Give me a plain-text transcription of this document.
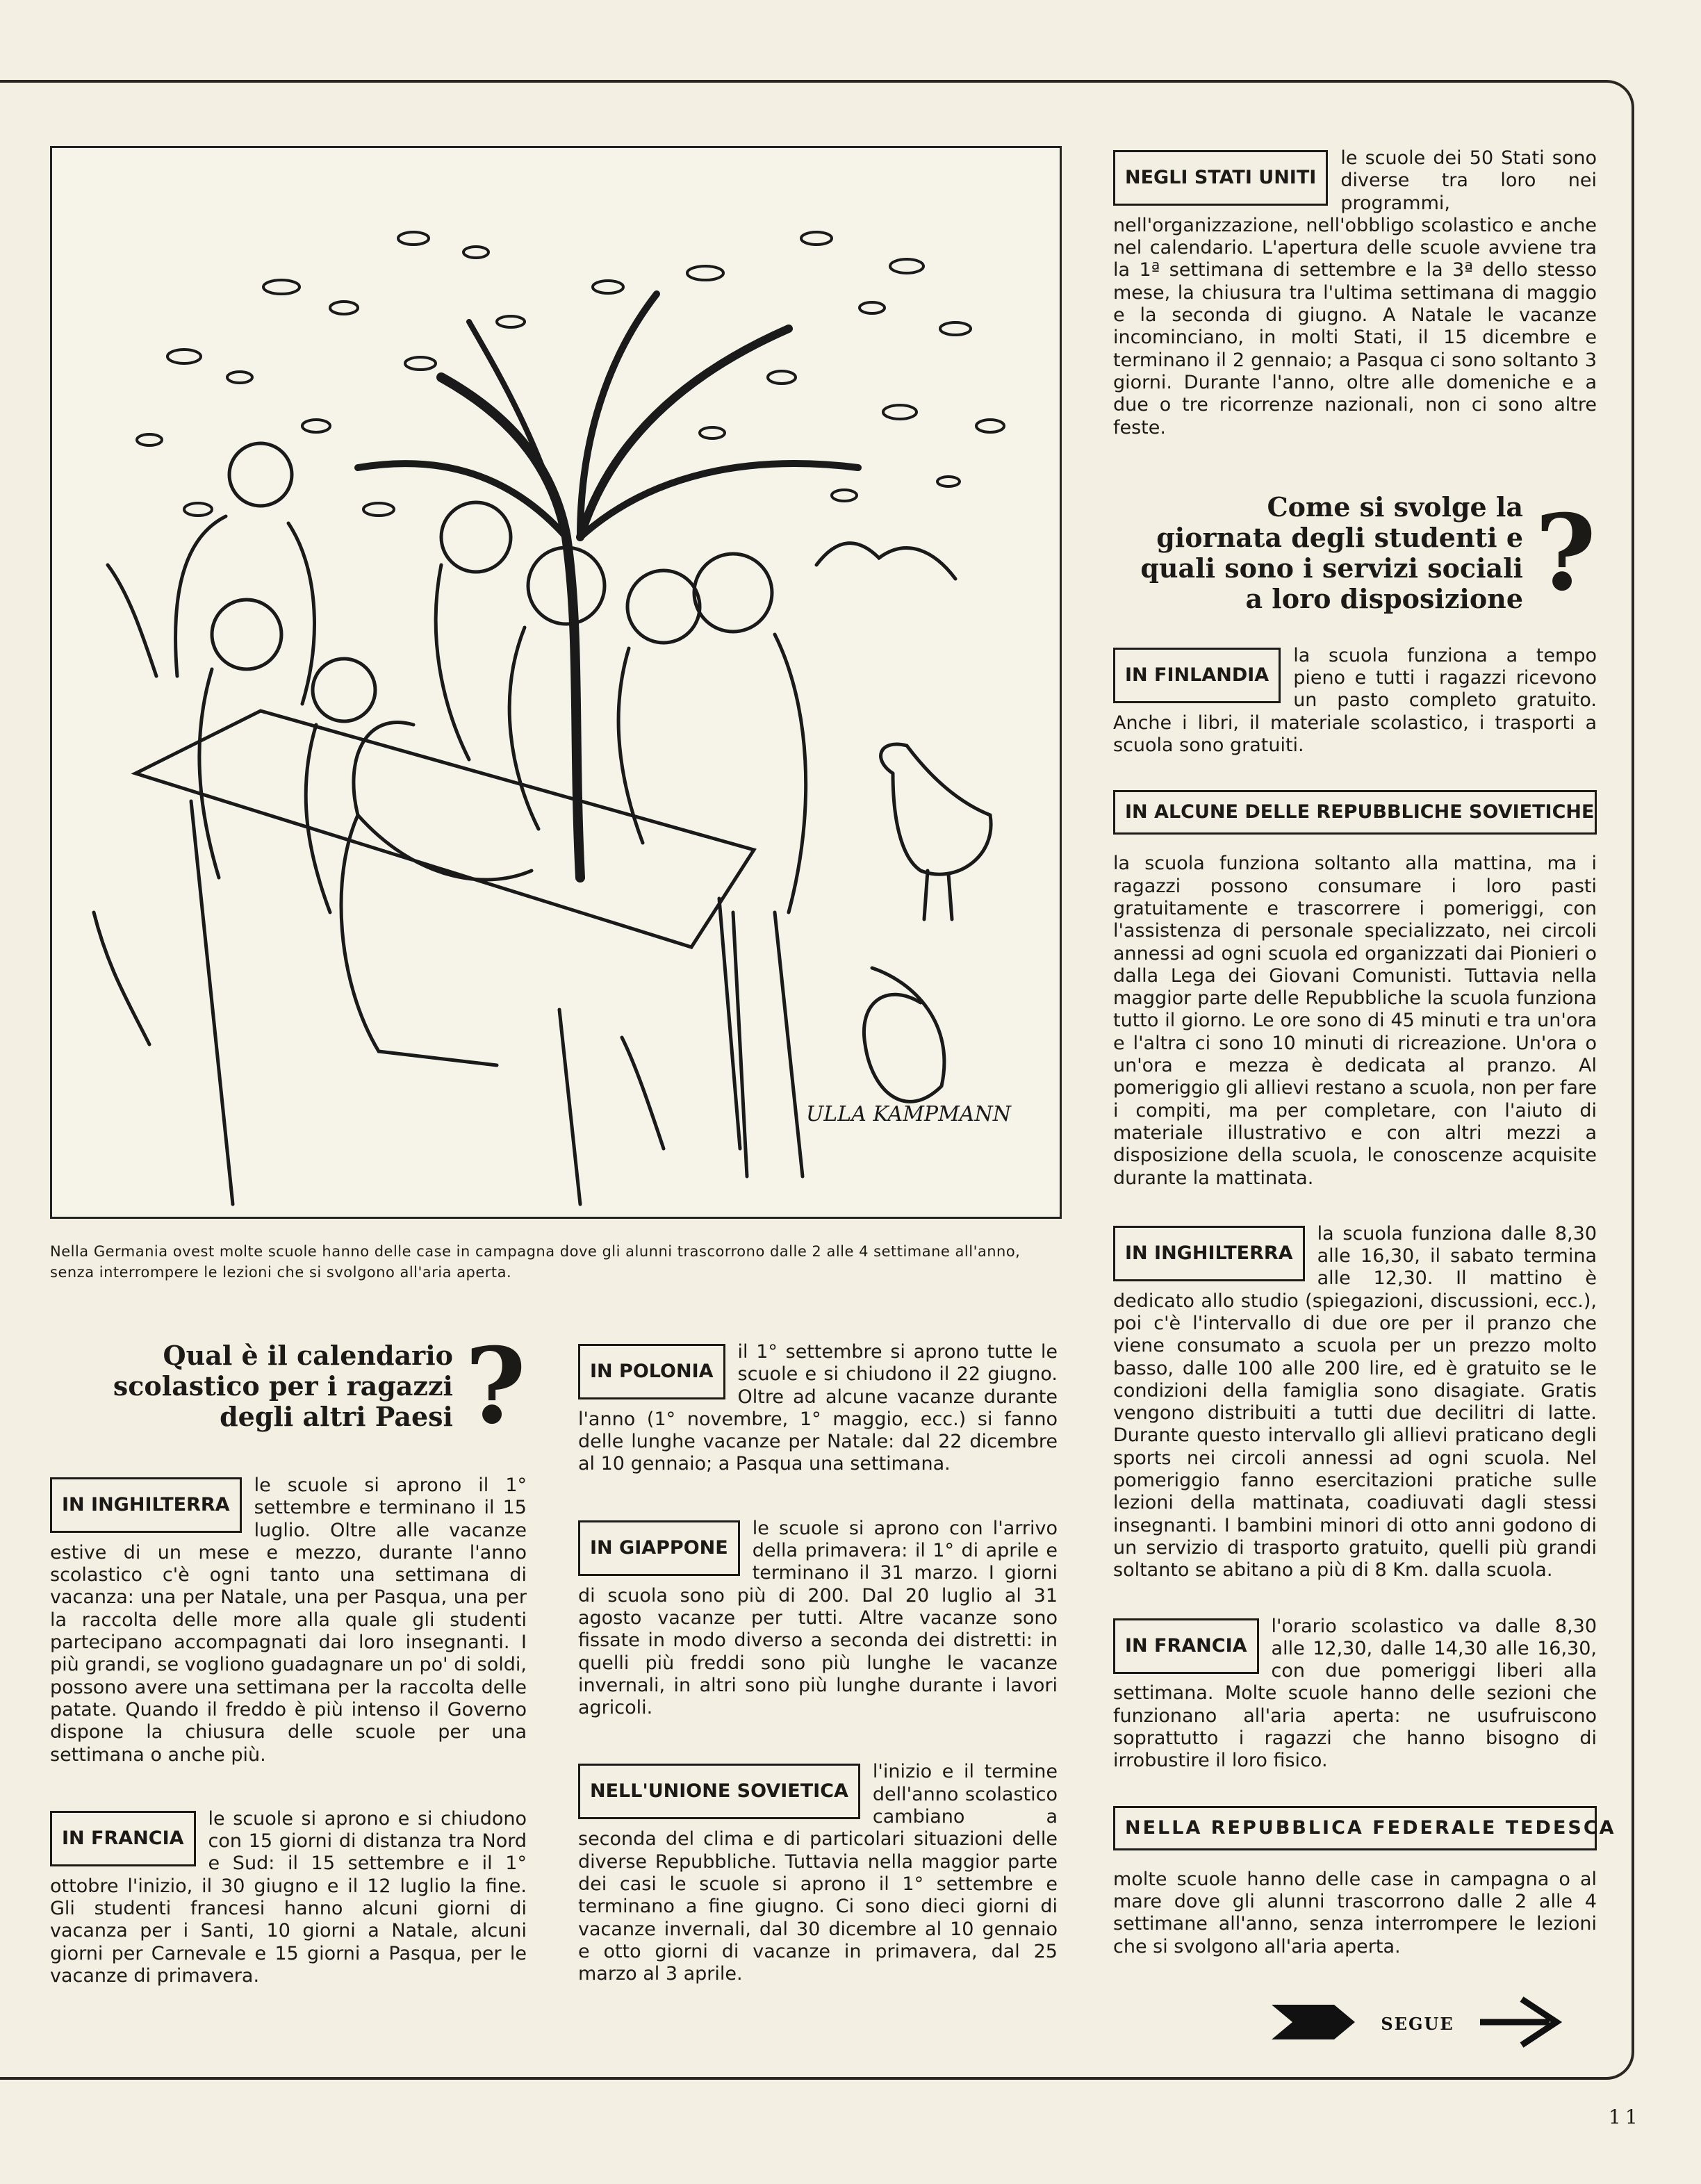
ULLA KAMPMANN
Nella Germania ovest molte scuole hanno delle case in campagna dove gli alunni trascorrono dalle 2 alle 4 settimane all'anno, senza interrompere le lezioni che si svolgono all'aria aperta.
Qual è il calendario scolastico per i ragazzi degli altri Paesi ?
IN INGHILTERRA

le scuole si aprono il 1° settembre e terminano il 15 luglio. Oltre alle vacanze estive di un mese e mezzo, durante l'anno scolastico c'è ogni tanto una settimana di vacanza: una per Natale, una per Pasqua, una per la raccolta delle more alla quale gli studenti partecipano accompagnati dai loro insegnanti. I più grandi, se vogliono guadagnare un po' di soldi, possono avere una settimana per la raccolta delle patate. Quando il freddo è più intenso il Governo dispone la chiusura delle scuole per una settimana o anche più.

IN FRANCIA

le scuole si aprono e si chiudono con 15 giorni di distanza tra Nord e Sud: il 15 settembre e il 1° ottobre l'inizio, il 30 giugno e il 12 luglio la fine. Gli studenti francesi hanno alcuni giorni di vacanza per i Santi, 10 giorni a Natale, alcuni giorni per Carnevale e 15 giorni a Pasqua, per le vacanze di primavera.

IN POLONIA

il 1° settembre si aprono tutte le scuole e si chiudono il 22 giugno. Oltre ad alcune vacanze durante l'anno (1° novembre, 1° maggio, ecc.) si fanno delle lunghe vacanze per Natale: dal 22 dicembre al 10 gennaio; a Pasqua una settimana.

IN GIAPPONE

le scuole si aprono con l'arrivo della primavera: il 1° di aprile e terminano il 31 marzo. I giorni di scuola sono più di 200. Dal 20 luglio al 31 agosto vacanze per tutti. Altre vacanze sono fissate in modo diverso a seconda dei distretti: in quelli più freddi sono più lunghe le vacanze invernali, in altri sono più lunghe durante i lavori agricoli.

NELL'UNIONE SOVIETICA

l'inizio e il termine dell'anno scolastico cambiano a seconda del clima e di particolari situazioni delle diverse Repubbliche. Tuttavia nella maggior parte dei casi le scuole si aprono il 1° settembre e terminano a fine giugno. Ci sono dieci giorni di vacanze invernali, dal 30 dicembre al 10 gennaio e otto giorni di vacanze in primavera, dal 25 marzo al 3 aprile.

NEGLI STATI UNITI

le scuole dei 50 Stati sono diverse tra loro nei programmi, nell'organizzazione, nell'obbligo scolastico e anche nel calendario. L'apertura delle scuole avviene tra la 1ª settimana di settembre e la 3ª dello stesso mese, la chiusura tra l'ultima settimana di maggio e la seconda di giugno. A Natale le vacanze incominciano, in molti Stati, il 15 dicembre e terminano il 2 gennaio; a Pasqua ci sono soltanto 3 giorni. Durante l'anno, oltre alle domeniche e a due o tre ricorrenze nazionali, non ci sono altre feste.

Come si svolge la giornata degli studenti e quali sono i servizi sociali a loro disposizione ?
IN FINLANDIA

la scuola funziona a tempo pieno e tutti i ragazzi ricevono un pasto completo gratuito. Anche i libri, il materiale scolastico, i trasporti a scuola sono gratuiti.

IN ALCUNE DELLE REPUBBLICHE SOVIETICHE

la scuola funziona soltanto alla mattina, ma i ragazzi possono consumare i loro pasti gratuitamente e trascorrere i pomeriggi, con l'assistenza di personale specializzato, nei circoli annessi ad ogni scuola ed organizzati dai Pionieri o dalla Lega dei Giovani Comunisti. Tuttavia nella maggior parte delle Repubbliche la scuola funziona tutto il giorno. Le ore sono di 45 minuti e tra un'ora e l'altra ci sono 10 minuti di ricreazione. Un'ora o un'ora e mezza è dedicata al pranzo. Al pomeriggio gli allievi restano a scuola, non per fare i compiti, ma per completare, con l'aiuto di materiale illustrativo e con altri mezzi a disposizione della scuola, le conoscenze acquisite durante la mattinata.

IN INGHILTERRA

la scuola funziona dalle 8,30 alle 16,30, il sabato termina alle 12,30. Il mattino è dedicato allo studio (spiegazioni, discussioni, ecc.), poi c'è l'intervallo di due ore per il pranzo che viene consumato a scuola per un prezzo molto basso, dalle 100 alle 200 lire, ed è gratuito se le condizioni della famiglia sono disagiate. Gratis vengono distribuiti a tutti due decilitri di latte. Durante questo intervallo gli allievi praticano degli sports nei circoli annessi ad ogni scuola. Nel pomeriggio fanno esercitazioni pratiche sulle lezioni della mattinata, coadiuvati dagli stessi insegnanti. I bambini minori di otto anni godono di un servizio di trasporto gratuito, quelli più grandi soltanto se abitano a più di 8 Km. dalla scuola.

IN FRANCIA

l'orario scolastico va dalle 8,30 alle 12,30, dalle 14,30 alle 16,30, con due pomeriggi liberi alla settimana. Molte scuole hanno delle sezioni che funzionano all'aria aperta: ne usufruiscono soprattutto i ragazzi che hanno bisogno di irrobustire il loro fisico.

NELLA REPUBBLICA FEDERALE TEDESCA

molte scuole hanno delle case in campagna o al mare dove gli alunni trascorrono dalle 2 alle 4 settimane all'anno, senza interrompere le lezioni che si svolgono all'aria aperta.

SEGUE
11
